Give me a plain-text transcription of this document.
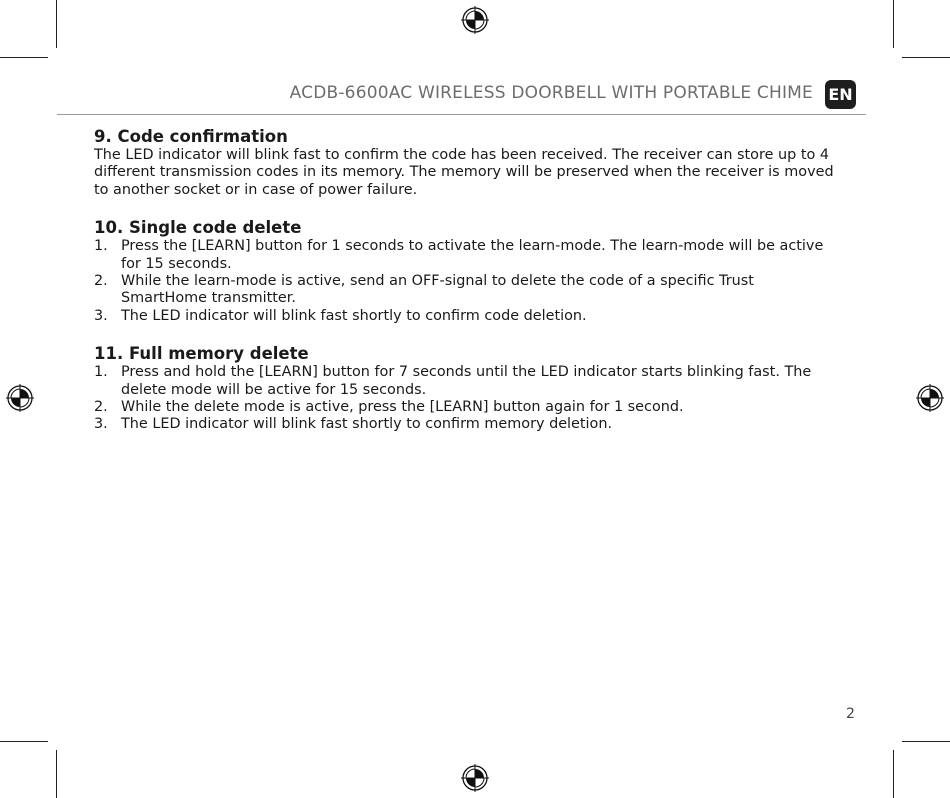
ACDB-6600AC WIRELESS DOORBELL WITH PORTABLE CHIME EN
9. Code confirmation

The LED indicator will blink fast to confirm the code has been received. The receiver can store up to 4 different transmission codes in its memory. The memory will be preserved when the receiver is moved to another socket or in case of power failure.

10. Single code delete
1. Press the [LEARN] button for 1 seconds to activate the learn-mode. The learn-mode will be active for 15 seconds.
2. While the learn-mode is active, send an OFF-signal to delete the code of a specific Trust SmartHome transmitter.
3. The LED indicator will blink fast shortly to confirm code deletion.
11. Full memory delete
1. Press and hold the [LEARN] button for 7 seconds until the LED indicator starts blinking fast. The delete mode will be active for 15 seconds.
2. While the delete mode is active, press the [LEARN] button again for 1 second.
3. The LED indicator will blink fast shortly to confirm memory deletion.
2
